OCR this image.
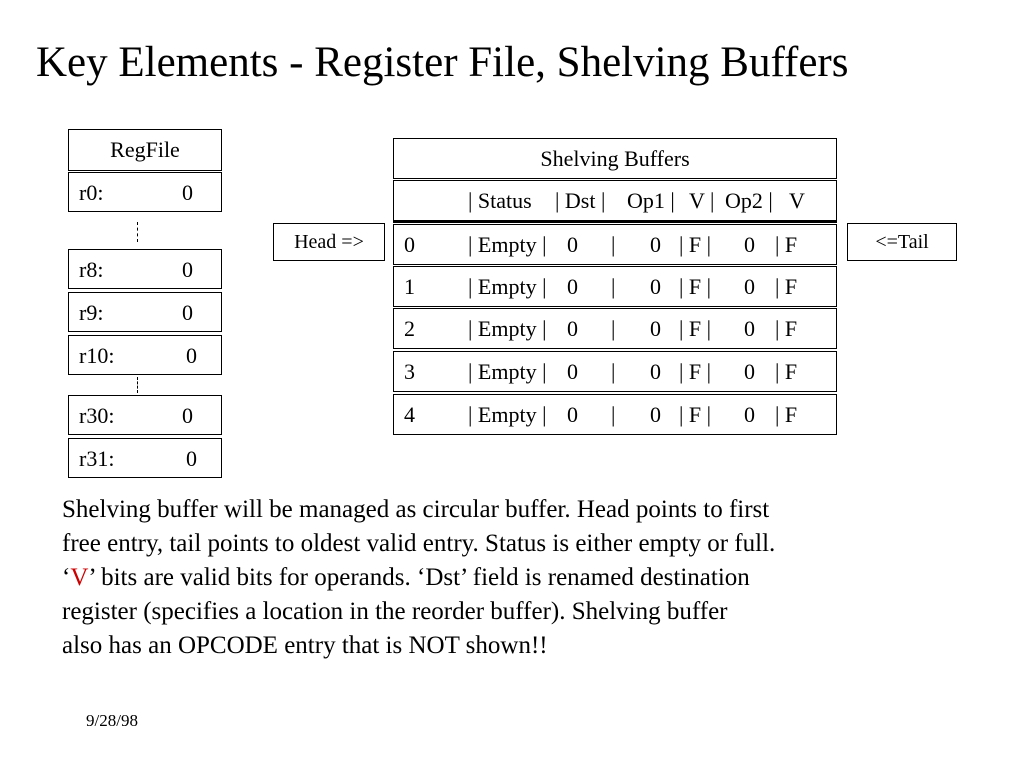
Key Elements - Register File, Shelving Buffers
RegFile
r0:	0
r8:	0
r9:	0
r10:	0
r30:	0
r31:	0
Head =>	<=Tail
Shelving Buffers
| Status | Dst | Op1 | V | Op2 | V
0 | Empty | 0 | 0 | F | 0 | F
1 | Empty | 0 | 0 | F | 0 | F
2 | Empty | 0 | 0 | F | 0 | F
3 | Empty | 0 | 0 | F | 0 | F
4 | Empty | 0 | 0 | F | 0 | F
Shelving buffer will be managed as circular buffer. Head points to first
free entry, tail points to oldest valid entry. Status is either empty or full.
‘V’ bits are valid bits for operands. ‘Dst’ field is renamed destination
register (specifies a location in the reorder buffer). Shelving buffer
also has an OPCODE entry that is NOT shown!!
9/28/98
